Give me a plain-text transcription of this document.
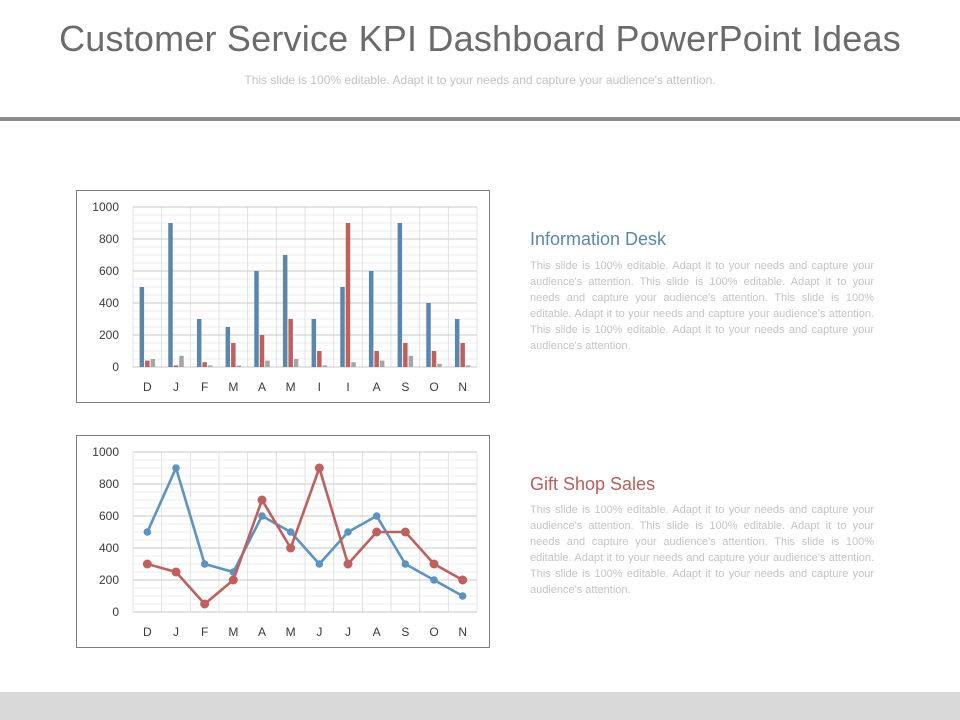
Customer Service KPI Dashboard PowerPoint Ideas
This slide is 100% editable. Adapt it to your needs and capture your audience's attention.
0
200
400
600
800
1000
D J F M A M I I A S O N
0
200
400
600
800
1000
D J F M A M J J A S O N
Information Desk
This slide is 100% editable. Adapt it to your needs and capture your audience's attention. This slide is 100% editable. Adapt it to your needs and capture your audience's attention. This slide is 100% editable. Adapt it to your needs and capture your audience's attention. This slide is 100% editable. Adapt it to your needs and capture your audience's attention.
Gift Shop Sales
This slide is 100% editable. Adapt it to your needs and capture your audience's attention. This slide is 100% editable. Adapt it to your needs and capture your audience's attention. This slide is 100% editable. Adapt it to your needs and capture your audience's attention. This slide is 100% editable. Adapt it to your needs and capture your audience's attention.
